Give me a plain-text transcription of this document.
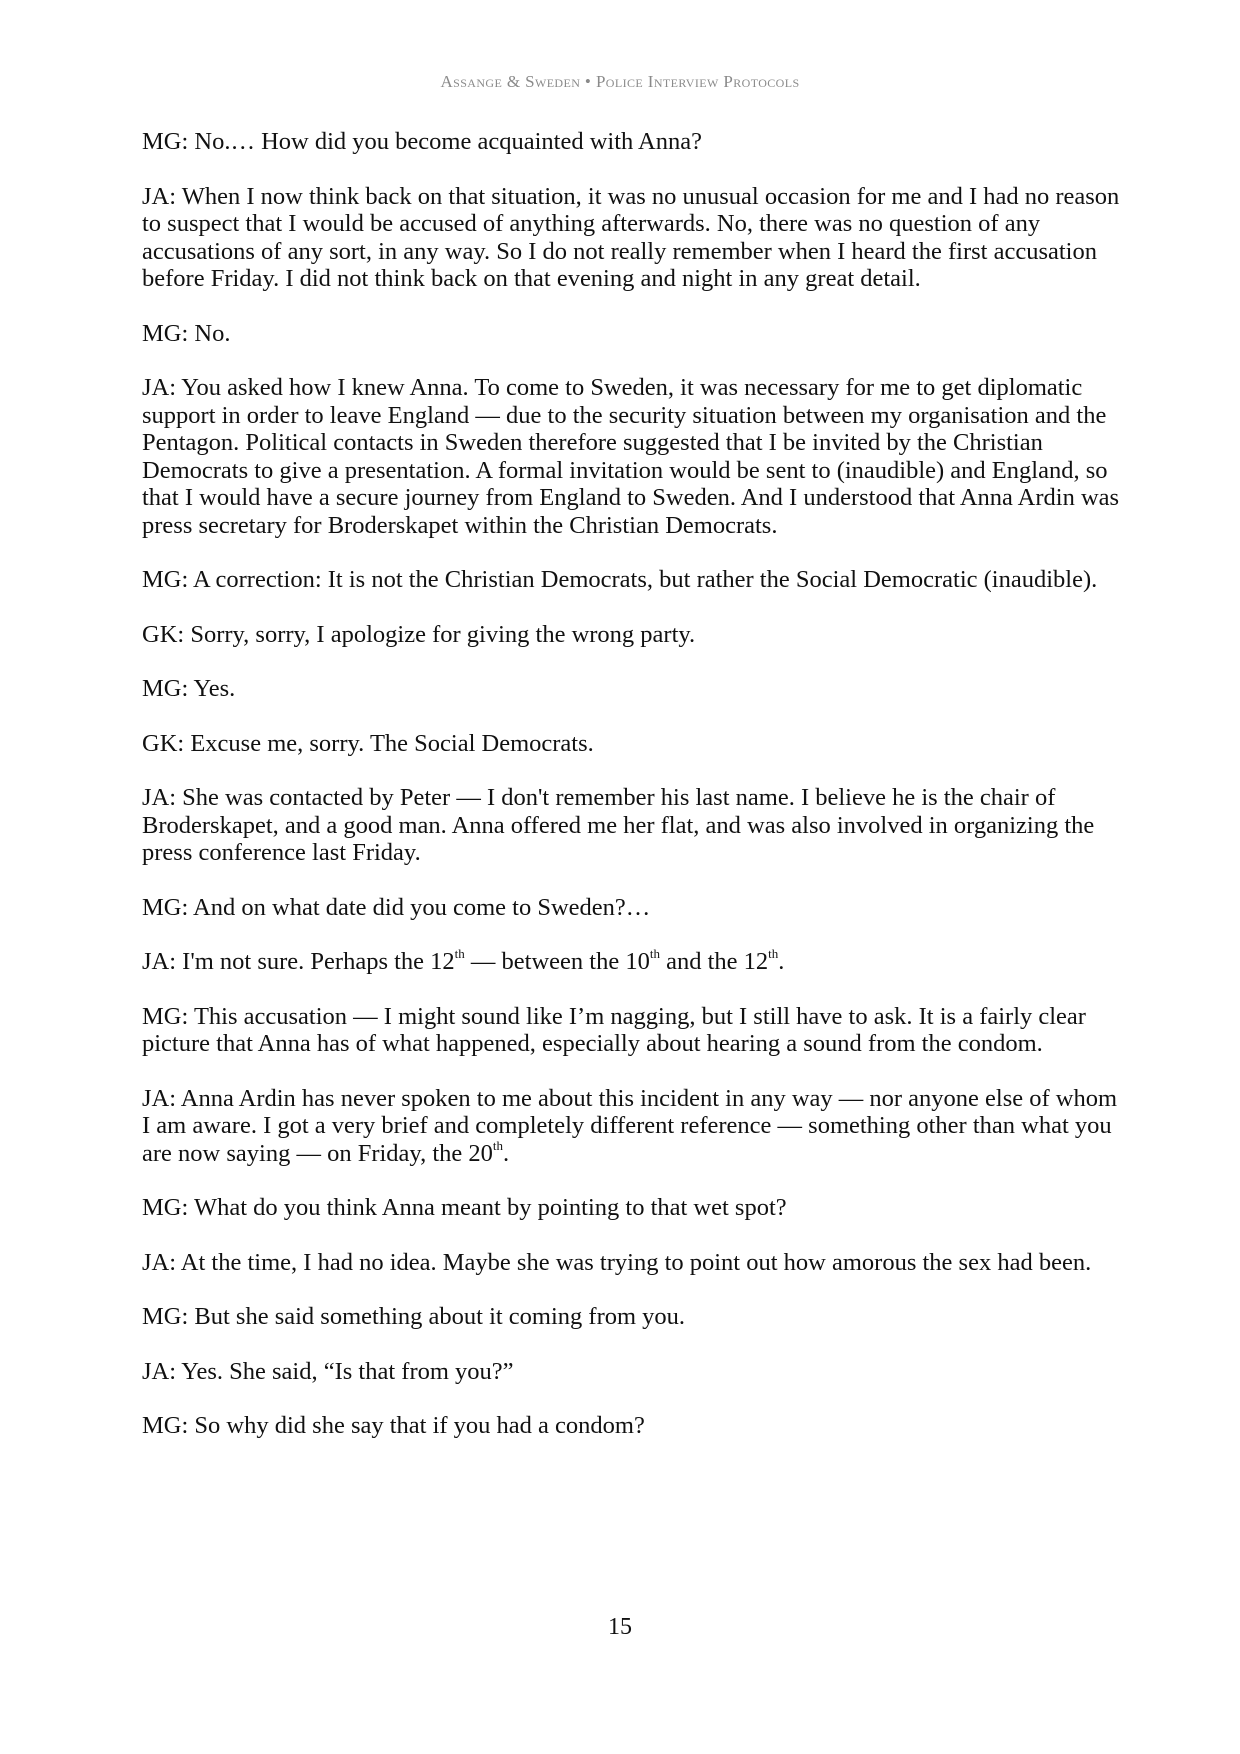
Assange & Sweden • Police Interview Protocols

MG: No.… How did you become acquainted with Anna?

JA: When I now think back on that situation, it was no unusual occasion for me and I had no reason to suspect that I would be accused of anything afterwards. No, there was no question of any accusations of any sort, in any way. So I do not really remember when I heard the first accusation before Friday. I did not think back on that evening and night in any great detail.

MG: No.

JA: You asked how I knew Anna. To come to Sweden, it was necessary for me to get diplomatic support in order to leave England — due to the security situation between my organisation and the Pentagon. Political contacts in Sweden therefore suggested that I be invited by the Christian Democrats to give a presentation. A formal invitation would be sent to (inaudible) and England, so that I would have a secure journey from England to Sweden. And I understood that Anna Ardin was press secretary for Broderskapet within the Christian Democrats.

MG: A correction: It is not the Christian Democrats, but rather the Social Democratic (inaudible).

GK: Sorry, sorry, I apologize for giving the wrong party.

MG: Yes.

GK: Excuse me, sorry. The Social Democrats.

JA: She was contacted by Peter — I don't remember his last name. I believe he is the chair of Broderskapet, and a good man. Anna offered me her flat, and was also involved in organizing the press conference last Friday.

MG: And on what date did you come to Sweden?…

JA: I'm not sure. Perhaps the 12th — between the 10th and the 12th.

MG: This accusation — I might sound like I’m nagging, but I still have to ask. It is a fairly clear picture that Anna has of what happened, especially about hearing a sound from the condom.

JA: Anna Ardin has never spoken to me about this incident in any way — nor anyone else of whom I am aware. I got a very brief and completely different reference — something other than what you are now saying — on Friday, the 20th.

MG: What do you think Anna meant by pointing to that wet spot?

JA: At the time, I had no idea. Maybe she was trying to point out how amorous the sex had been.

MG: But she said something about it coming from you.

JA: Yes. She said, “Is that from you?”

MG: So why did she say that if you had a condom?

15
